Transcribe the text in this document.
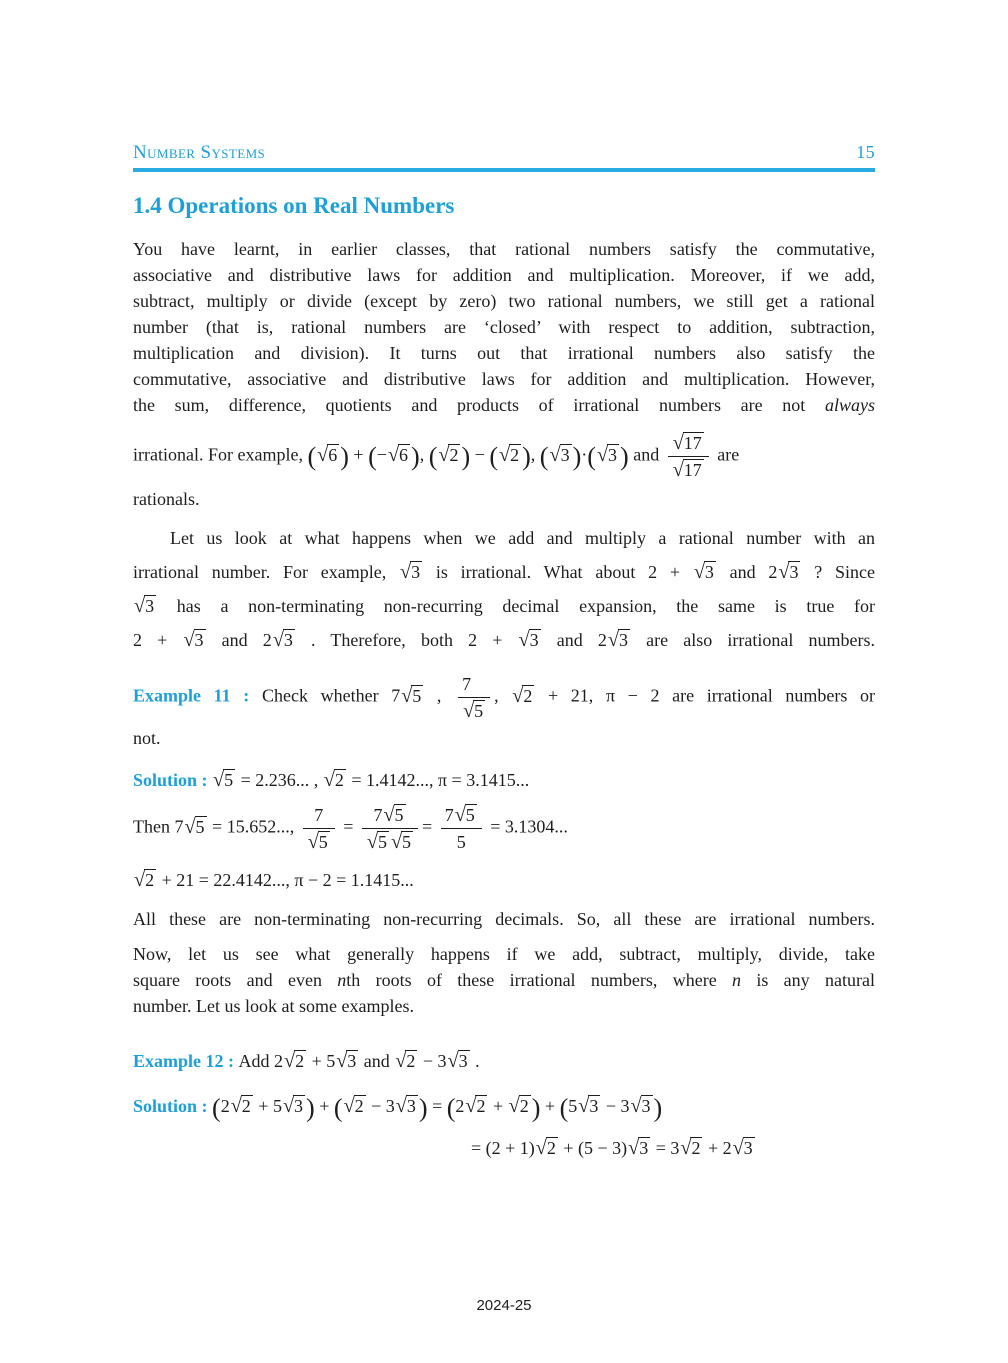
Number Systems	15
1.4 Operations on Real Numbers
You have learnt, in earlier classes, that rational numbers satisfy the commutative,
associative and distributive laws for addition and multiplication. Moreover, if we add,
subtract, multiply or divide (except by zero) two rational numbers, we still get a rational
number (that is, rational numbers are ‘closed’ with respect to addition, subtraction,
multiplication and division). It turns out that irrational numbers also satisfy the
commutative, associative and distributive laws for addition and multiplication. However,
the sum, difference, quotients and products of irrational numbers are not always
irrational. For example, (√6 ) + (−√6 ), (√2 ) − (√2 ), (√3 )·(√3 ) and $\frac{√17}{√17}$ are
rationals.
Let us look at what happens when we add and multiply a rational number with an
irrational number. For example, √3 is irrational. What about 2 + √3 and 2√3 ? Since
√3 has a non-terminating non-recurring decimal expansion, the same is true for
2 + √3 and 2√3 . Therefore, both 2 + √3 and 2√3 are also irrational numbers.
Example 11 : Check whether 7√5 , $\frac{7}{√5}$ , √2 + 21, π − 2 are irrational numbers or
not.
Solution : √5 = 2.236... , √2 = 1.4142..., π = 3.1415...
Then 7√5 = 15.652..., $\frac{7}{√5} = \frac{7√5}{√5 √5} = \frac{7√5}{5} = 3.1304$...
√2 + 21 = 22.4142..., π − 2 = 1.1415...
All these are non-terminating non-recurring decimals. So, all these are irrational numbers.
Now, let us see what generally happens if we add, subtract, multiply, divide, take
square roots and even nth roots of these irrational numbers, where n is any natural
number. Let us look at some examples.
Example 12 : Add 2√2 + 5√3 and √2 − 3√3 .
Solution : (2√2 + 5√3 ) + (√2 − 3√3 ) = (2√2 + √2 ) + (5√3 − 3√3 )
= (2 + 1)√2 + (5 − 3)√3 = 3√2 + 2√3
2024-25
